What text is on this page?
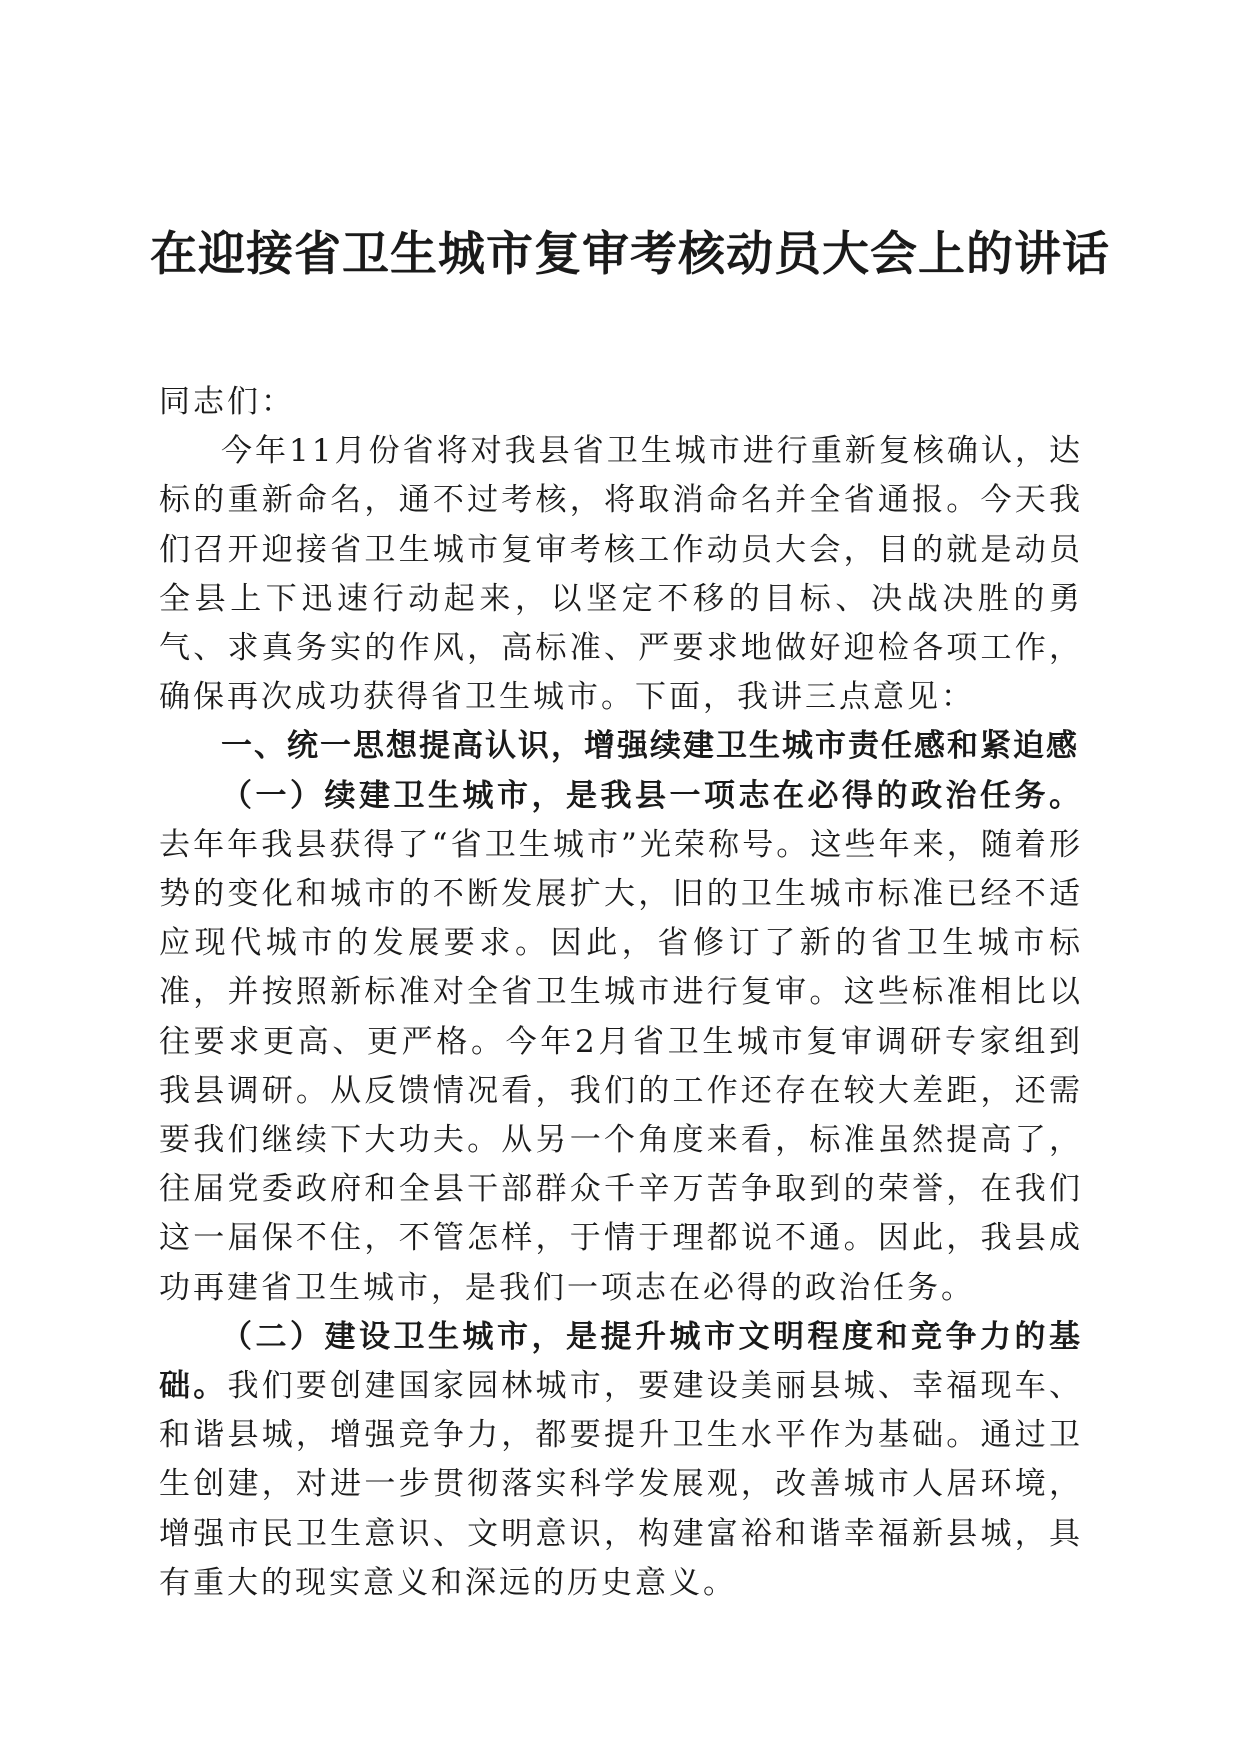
在迎接省卫生城市复审考核动员大会上的讲话

同志们：

今年11月份省将对我县省卫生城市进行重新复核确认，达标的重新命名，通不过考核，将取消命名并全省通报。今天我们召开迎接省卫生城市复审考核工作动员大会，目的就是动员全县上下迅速行动起来，以坚定不移的目标、决战决胜的勇气、求真务实的作风，高标准、严要求地做好迎检各项工作，确保再次成功获得省卫生城市。下面，我讲三点意见：

一、统一思想提高认识，增强续建卫生城市责任感和紧迫感

（一）续建卫生城市，是我县一项志在必得的政治任务。去年年我县获得了“省卫生城市”光荣称号。这些年来，随着形势的变化和城市的不断发展扩大，旧的卫生城市标准已经不适应现代城市的发展要求。因此，省修订了新的省卫生城市标准，并按照新标准对全省卫生城市进行复审。这些标准相比以往要求更高、更严格。今年2月省卫生城市复审调研专家组到我县调研。从反馈情况看，我们的工作还存在较大差距，还需要我们继续下大功夫。从另一个角度来看，标准虽然提高了，往届党委政府和全县干部群众千辛万苦争取到的荣誉，在我们这一届保不住，不管怎样，于情于理都说不通。因此，我县成功再建省卫生城市，是我们一项志在必得的政治任务。

（二）建设卫生城市，是提升城市文明程度和竞争力的基础。我们要创建国家园林城市，要建设美丽县城、幸福现车、和谐县城，增强竞争力，都要提升卫生水平作为基础。通过卫生创建，对进一步贯彻落实科学发展观，改善城市人居环境，增强市民卫生意识、文明意识，构建富裕和谐幸福新县城，具有重大的现实意义和深远的历史意义。
